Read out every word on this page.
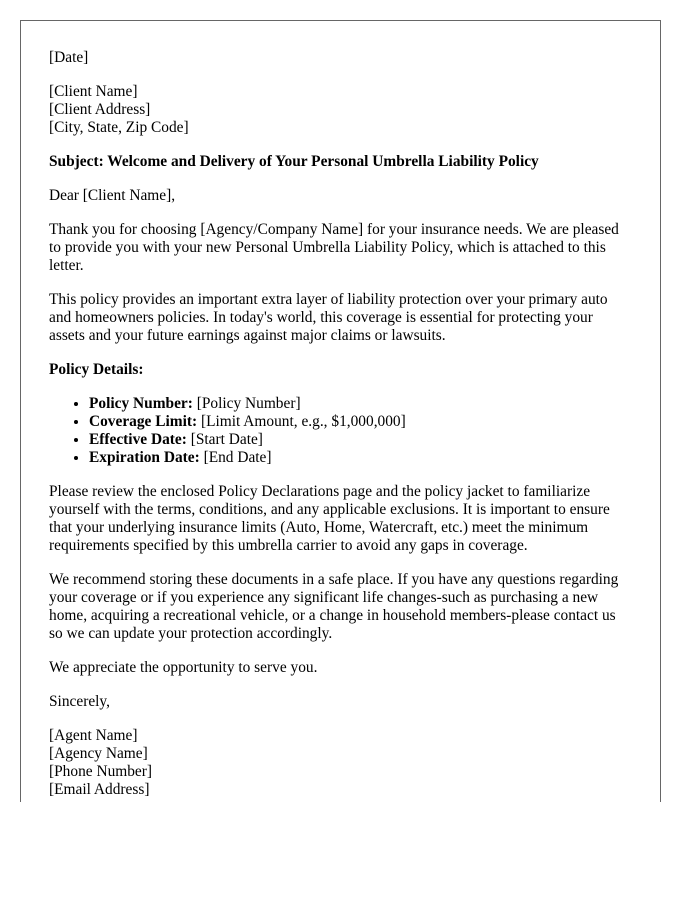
[Date]

[Client Name]
[Client Address]
[City, State, Zip Code]

Subject: Welcome and Delivery of Your Personal Umbrella Liability Policy

Dear [Client Name],

Thank you for choosing [Agency/Company Name] for your insurance needs. We are pleased to provide you with your new Personal Umbrella Liability Policy, which is attached to this letter.

This policy provides an important extra layer of liability protection over your primary auto and homeowners policies. In today's world, this coverage is essential for protecting your assets and your future earnings against major claims or lawsuits.

Policy Details:

• Policy Number: [Policy Number]
• Coverage Limit: [Limit Amount, e.g., $1,000,000]
• Effective Date: [Start Date]
• Expiration Date: [End Date]

Please review the enclosed Policy Declarations page and the policy jacket to familiarize yourself with the terms, conditions, and any applicable exclusions. It is important to ensure that your underlying insurance limits (Auto, Home, Watercraft, etc.) meet the minimum requirements specified by this umbrella carrier to avoid any gaps in coverage.

We recommend storing these documents in a safe place. If you have any questions regarding your coverage or if you experience any significant life changes-such as purchasing a new home, acquiring a recreational vehicle, or a change in household members-please contact us so we can update your protection accordingly.

We appreciate the opportunity to serve you.

Sincerely,

[Agent Name]
[Agency Name]
[Phone Number]
[Email Address]
